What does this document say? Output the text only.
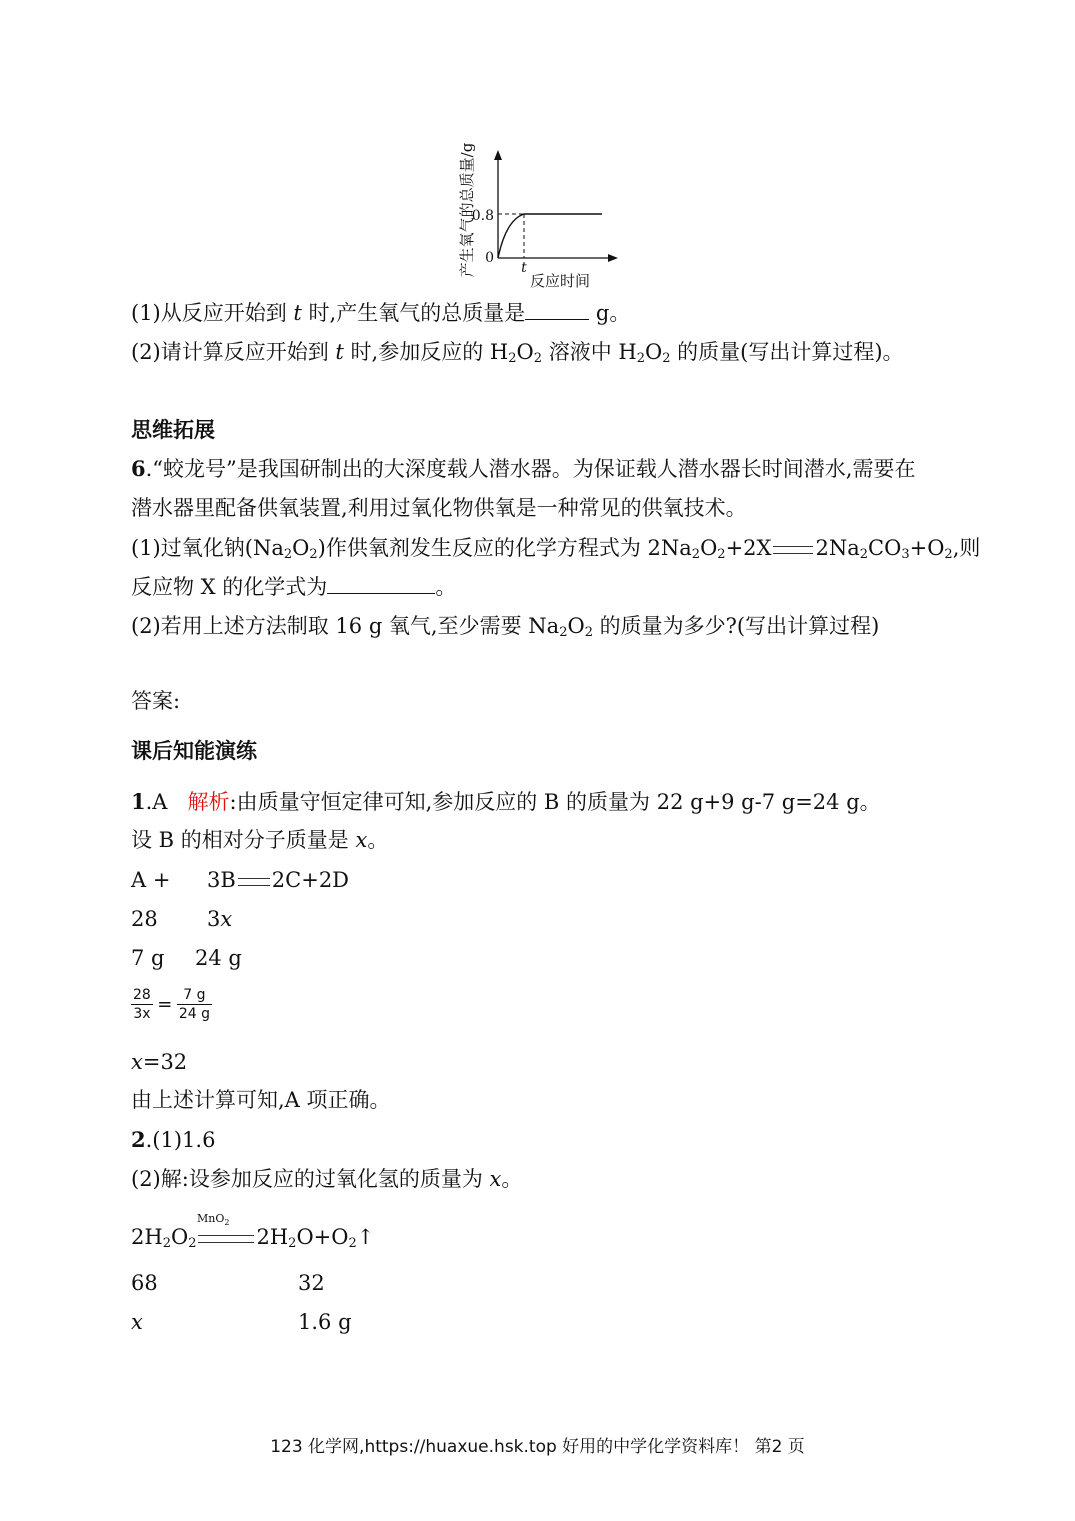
产生氧气的总质量/g
0.8
0
t
反应时间
(1)从反应开始到 t 时,产生氧气的总质量是	g。
(2)请计算反应开始到 t 时,参加反应的 $H_2O_2$ 溶液中 $H_2O_2$ 的质量(写出计算过程)。
思维拓展
6.“蛟龙号”是我国研制出的大深度载人潜水器。为保证载人潜水器长时间潜水,需要在
潜水器里配备供氧装置,利用过氧化物供氧是一种常见的供氧技术。
(1)过氧化钠$(Na_2O_2)$作供氧剂发生反应的化学方程式为 $2Na_2O_2+2X$ $2Na_2CO_3+O_2$,则
反应物 X 的化学式为	。
(2)若用上述方法制取 16 g 氧气,至少需要 $Na_2O_2$ 的质量为多少?(写出计算过程)
答案:
课后知能演练
1.A 解析:由质量守恒定律可知,参加反应的 B 的质量为 22 g+9 g-7 g=24 g。
设 B 的相对分子质量是 x。
A + 3B 2C+2D
28 3x
7 g 24 g
$\frac{28}{3x} = \frac{7 g}{24 g}$
x=32
由上述计算可知,A 项正确。
2.(1)1.6
(2)解:设参加反应的过氧化氢的质量为 x。
MnO$_2$
$2H_2O_2$	$2H_2O+O_2↑$
68	32
x	1.6 g
123 化学网,https://huaxue.hsk.top 好用的中学化学资料库！ 第2 页
